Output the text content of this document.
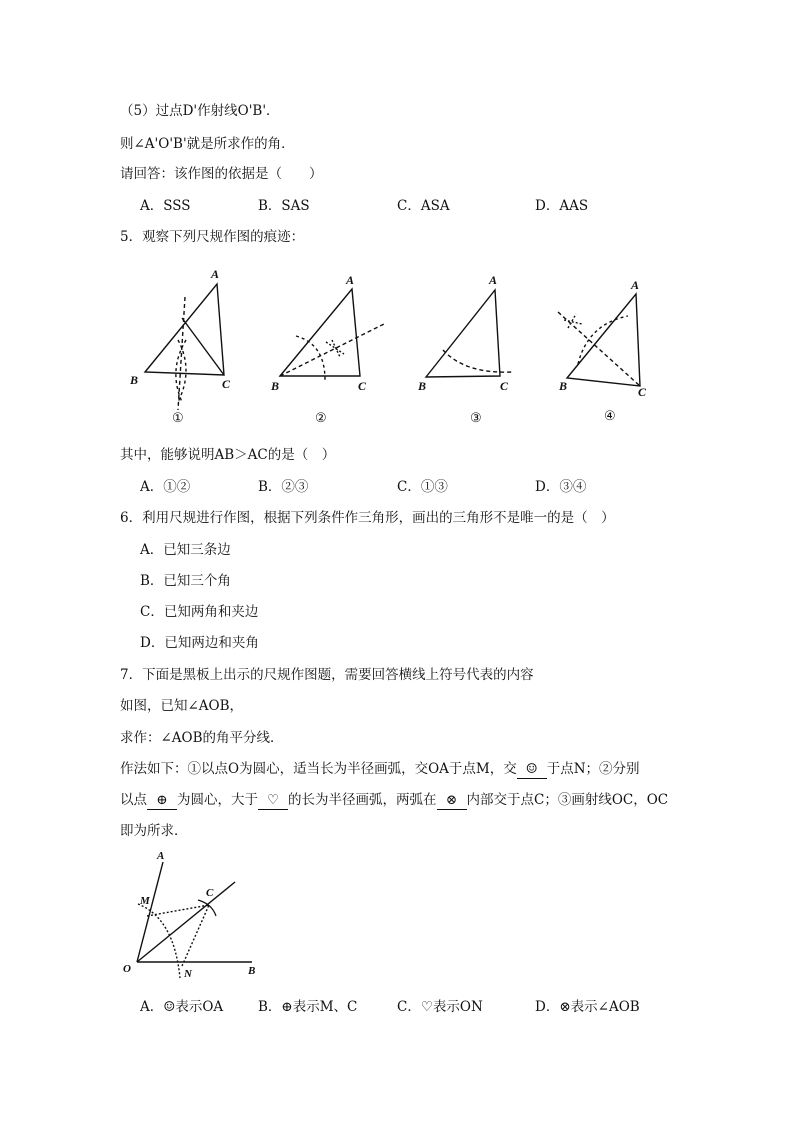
（5）过点D'作射线O'B'．
则∠A'O'B'就是所求作的角．
请回答：该作图的依据是（　　）
A．SSS	B．SAS	C．ASA	D．AAS
5．观察下列尺规作图的痕迹：
A
B	C
A
B	C
A
B	C
A
B	C
①	②	③	④
其中，能够说明AB＞AC的是（　）
A．①②	B．②③	C．①③	D．③④
6．利用尺规进行作图，根据下列条件作三角形，画出的三角形不是唯一的是（　）
A．已知三条边
B．已知三个角
C．已知两角和夹边
D．已知两边和夹角
7．下面是黑板上出示的尺规作图题，需要回答横线上符号代表的内容
如图，已知∠AOB，
求作：∠AOB的角平分线．
作法如下：①以点O为圆心，适当长为半径画弧，交OA于点M，交 ☺ 于点N；②分别
以点 ⊕ 为圆心，大于 ♡ 的长为半径画弧，两弧在 ⊗ 内部交于点C；③画射线OC，OC
即为所求．
A
M
C
O	N	B
A．☺表示OA	B．⊕表示M、C	C．♡表示ON	D．⊗表示∠AOB
